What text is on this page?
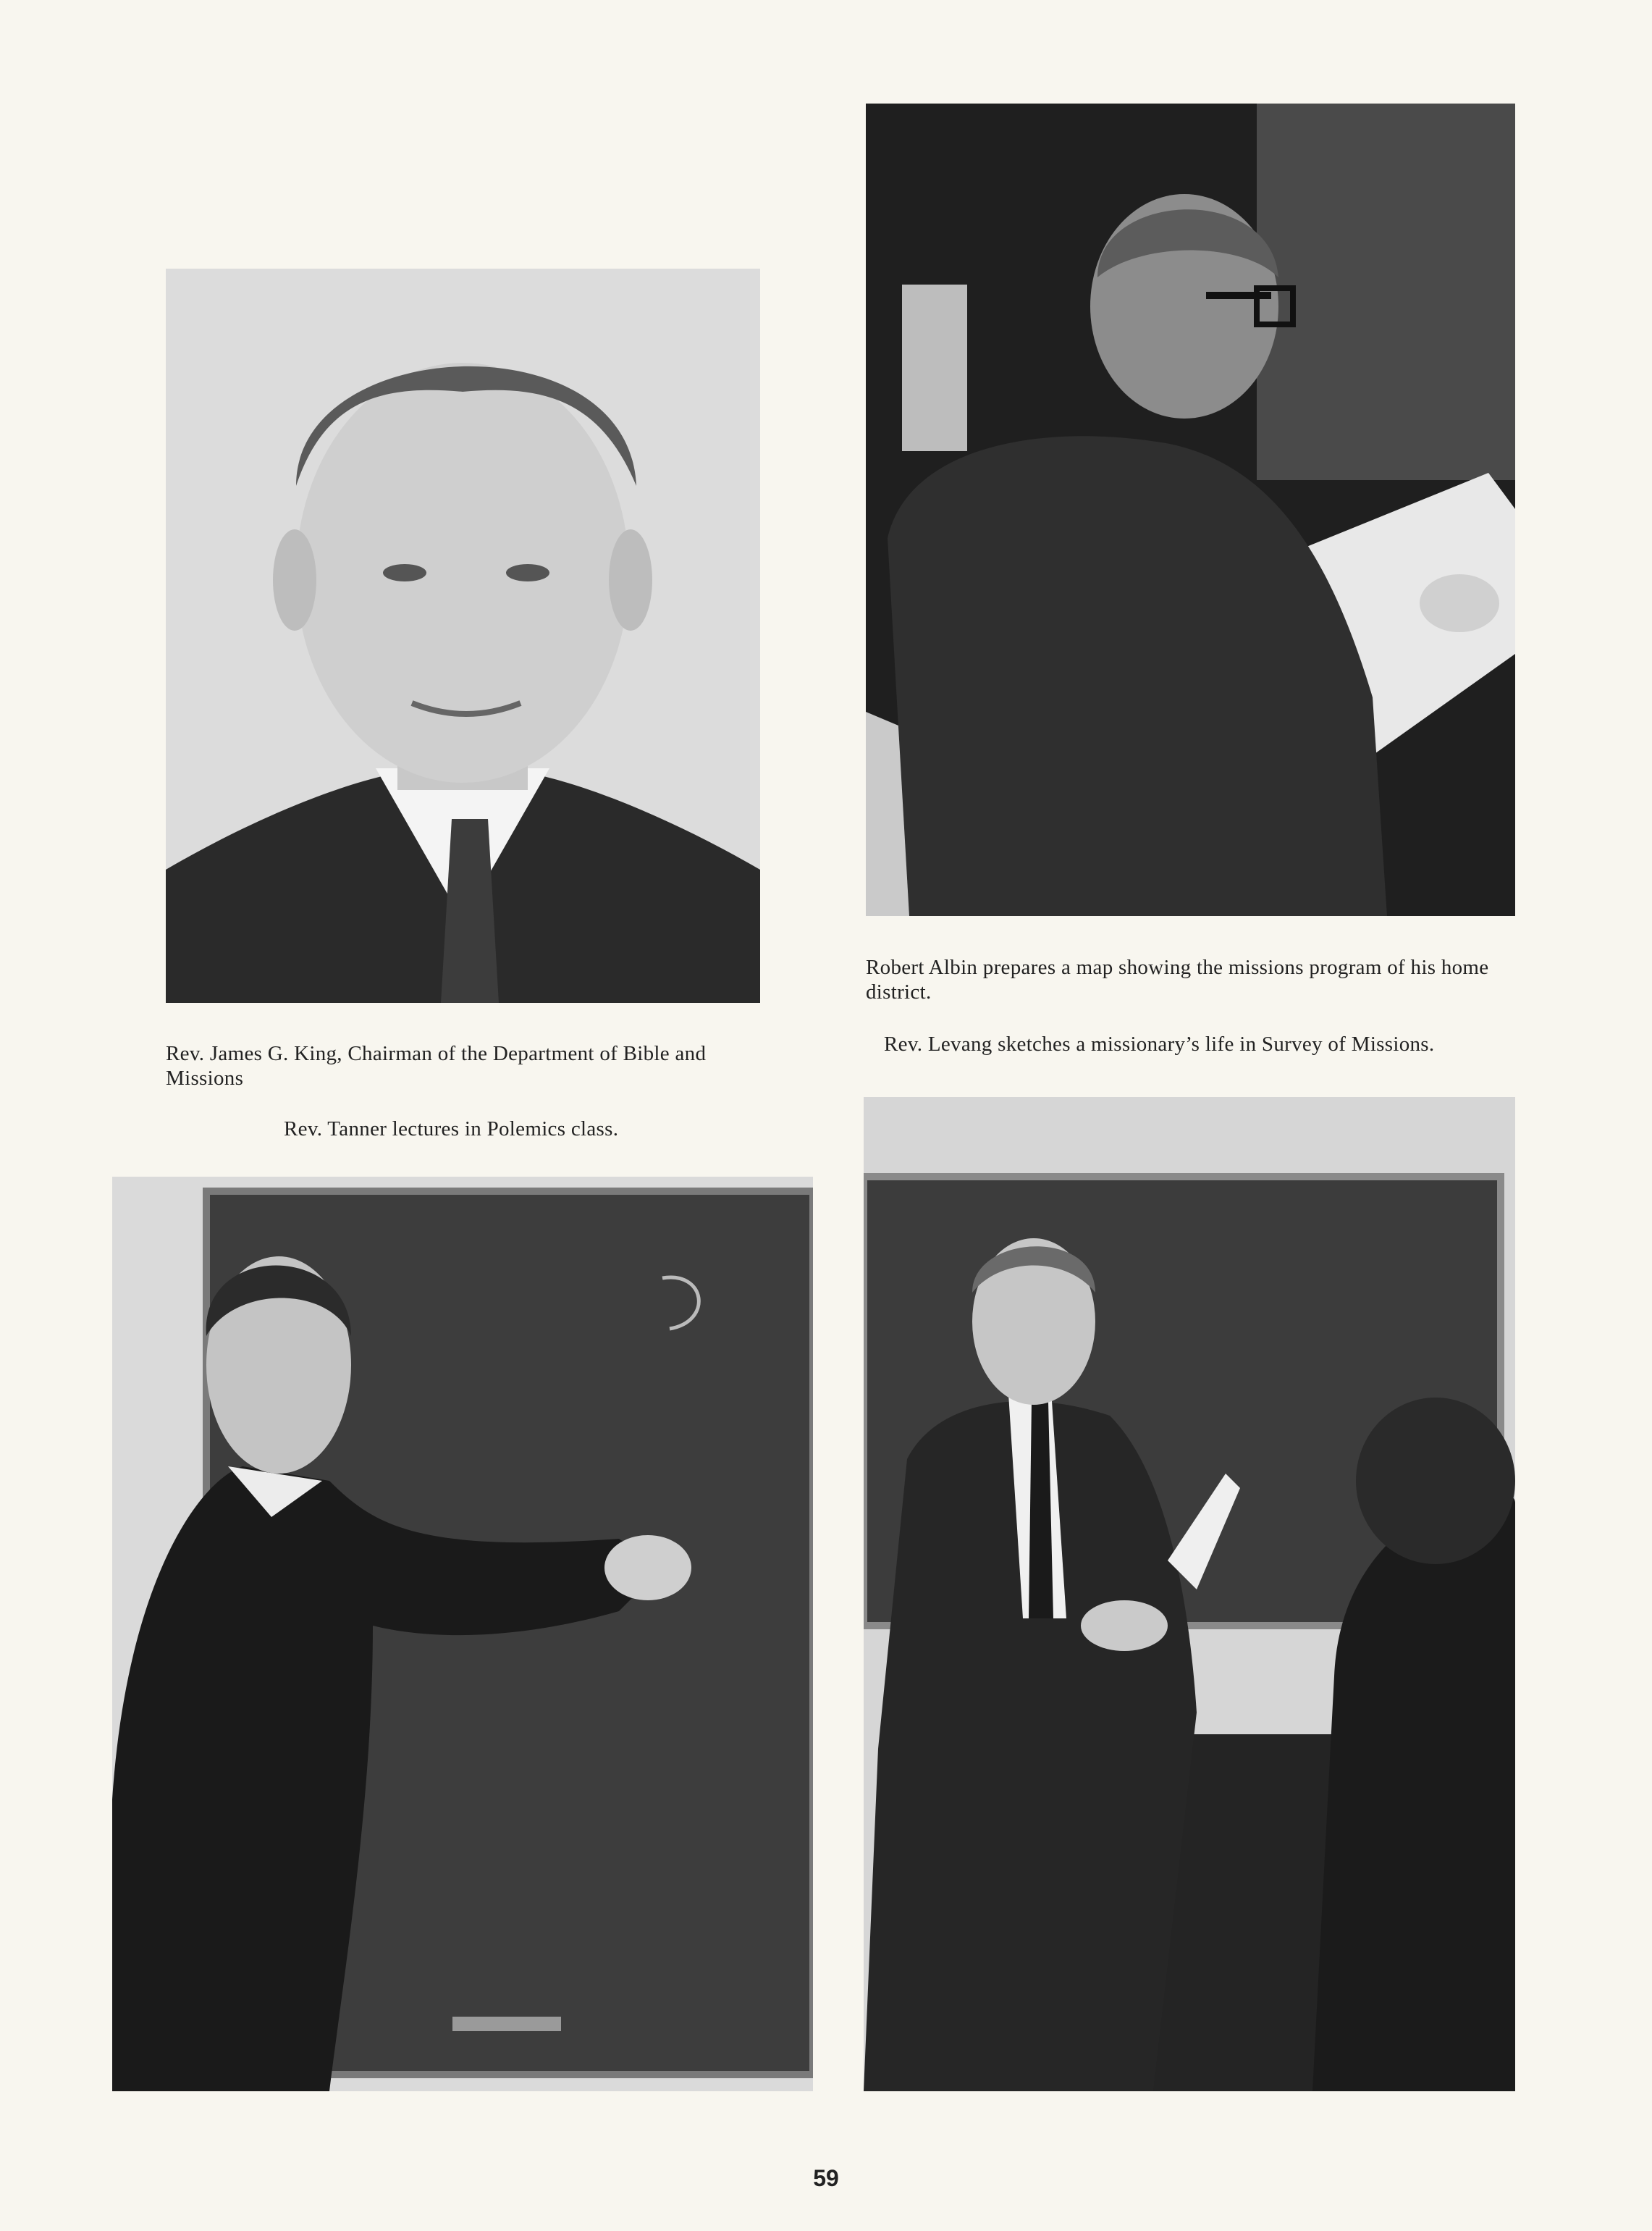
Robert Albin prepares a map showing the missions program of his home district.
Rev. Levang sketches a missionary’s life in Survey of Missions.
Rev. James G. King, Chairman of the Department of Bible and Missions
Rev. Tanner lectures in Polemics class.
59
